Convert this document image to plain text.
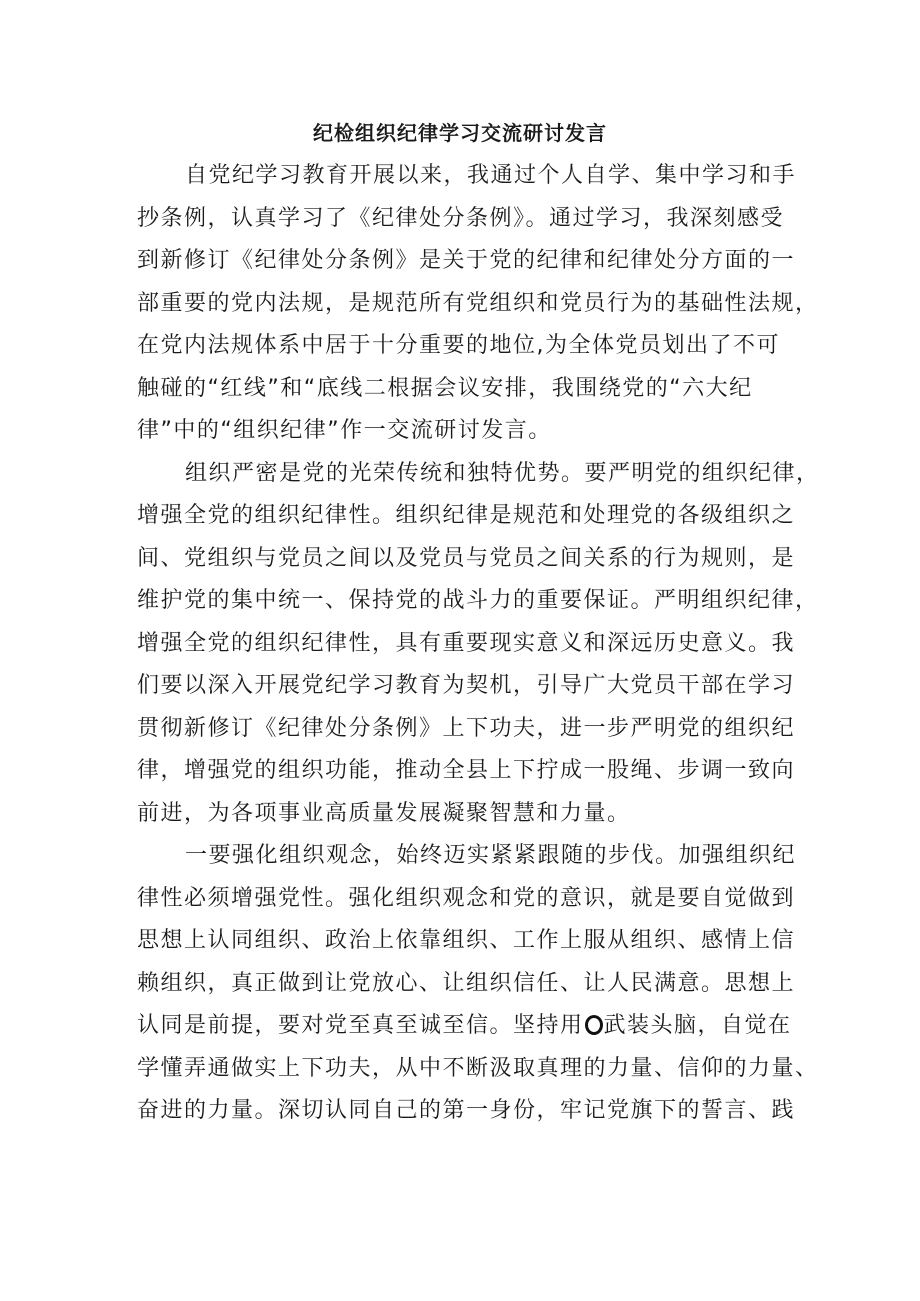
纪检组织纪律学习交流研讨发言

自党纪学习教育开展以来，我通过个人自学、集中学习和手
抄条例，认真学习了《纪律处分条例》。通过学习，我深刻感受
到新修订《纪律处分条例》是关于党的纪律和纪律处分方面的一
部重要的党内法规，是规范所有党组织和党员行为的基础性法规，
在党内法规体系中居于十分重要的地位,为全体党员划出了不可
触碰的“红线”和“底线二根据会议安排，我围绕党的“六大纪
律”中的“组织纪律”作一交流研讨发言。

组织严密是党的光荣传统和独特优势。要严明党的组织纪律，
增强全党的组织纪律性。组织纪律是规范和处理党的各级组织之
间、党组织与党员之间以及党员与党员之间关系的行为规则，是
维护党的集中统一、保持党的战斗力的重要保证。严明组织纪律，
增强全党的组织纪律性，具有重要现实意义和深远历史意义。我
们要以深入开展党纪学习教育为契机，引导广大党员干部在学习
贯彻新修订《纪律处分条例》上下功夫，进一步严明党的组织纪
律，增强党的组织功能，推动全县上下拧成一股绳、步调一致向
前进，为各项事业高质量发展凝聚智慧和力量。

一要强化组织观念，始终迈实紧紧跟随的步伐。加强组织纪
律性必须增强党性。强化组织观念和党的意识，就是要自觉做到
思想上认同组织、政治上依靠组织、工作上服从组织、感情上信
赖组织，真正做到让党放心、让组织信任、让人民满意。思想上
认同是前提，要对党至真至诚至信。坚持用 武装头脑，自觉在
学懂弄通做实上下功夫，从中不断汲取真理的力量、信仰的力量、
奋进的力量。深切认同自己的第一身份，牢记党旗下的誓言、践
